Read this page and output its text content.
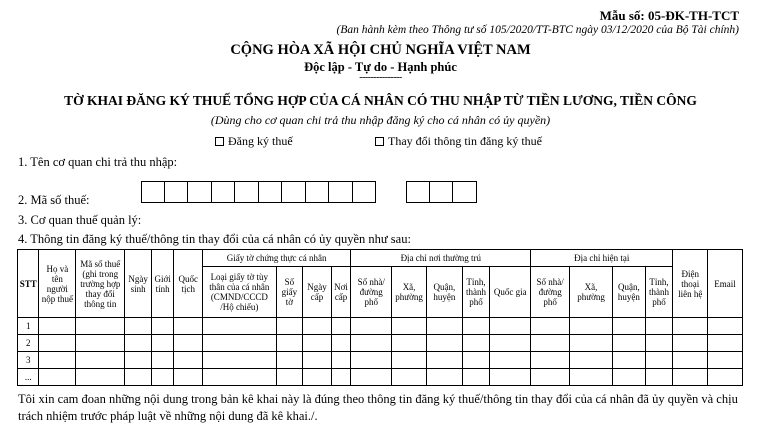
Mẫu số: 05-ĐK-TH-TCT
(Ban hành kèm theo Thông tư số 105/2020/TT-BTC ngày 03/12/2020 của Bộ Tài chính)
CỘNG HÒA XÃ HỘI CHỦ NGHĨA VIỆT NAM
Độc lập - Tự do - Hạnh phúc
---------------
TỜ KHAI ĐĂNG KÝ THUẾ TỔNG HỢP CỦA CÁ NHÂN CÓ THU NHẬP TỪ TIỀN LƯƠNG, TIỀN CÔNG
(Dùng cho cơ quan chi trả thu nhập đăng ký cho cá nhân có ủy quyền)
Đăng ký thuế	Thay đổi thông tin đăng ký thuế
1. Tên cơ quan chi trả thu nhập:
2. Mã số thuế:
3. Cơ quan thuế quản lý:
4. Thông tin đăng ký thuế/thông tin thay đổi của cá nhân có ủy quyền như sau:
STT	Họ và tên người nộp thuế	Mã số thuế (ghi trong trường hợp thay đổi thông tin	Ngày sinh	Giới tính	Quốc tịch	Giấy tờ chứng thực cá nhân				Địa chỉ nơi thường trú					Địa chỉ hiện tại				Điện thoại liên hệ	Email
						Loại giấy tờ tùy thân của cá nhân (CMND/CCCD /Hộ chiếu)	Số giấy tờ	Ngày cấp	Nơi cấp	Số nhà/đường phố	Xã, phường	Quận, huyện	Tỉnh, thành phố	Quốc gia	Số nhà/ đường phố	Xã, phường	Quận, huyện	Tỉnh, thành phố		
1																				
2																				
3																				
...																				
Tôi xin cam đoan những nội dung trong bản kê khai này là đúng theo thông tin đăng ký thuế/thông tin thay đổi của cá nhân đã ủy quyền và chịu trách nhiệm trước pháp luật về những nội dung đã kê khai./.
